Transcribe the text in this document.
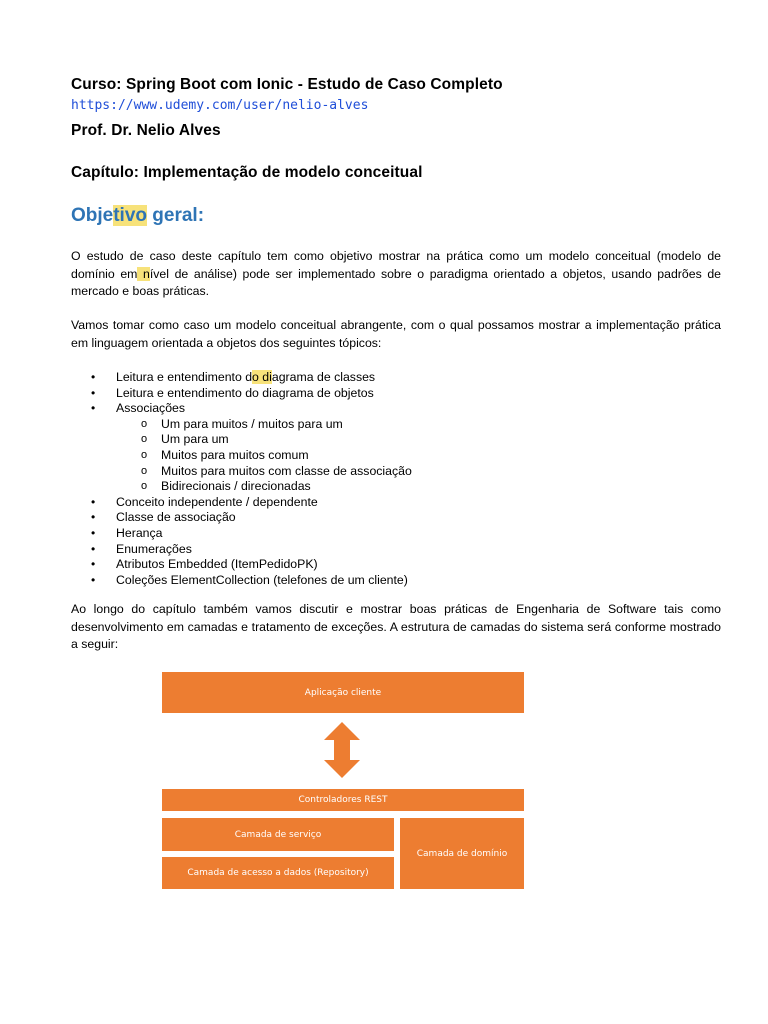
Curso: Spring Boot com Ionic - Estudo de Caso Completo
https://www.udemy.com/user/nelio-alves
Prof. Dr. Nelio Alves
Capítulo: Implementação de modelo conceitual
Objetivo geral:
O estudo de caso deste capítulo tem como objetivo mostrar na prática como um modelo conceitual (modelo de domínio em nível de análise) pode ser implementado sobre o paradigma orientado a objetos, usando padrões de mercado e boas práticas.
Vamos tomar como caso um modelo conceitual abrangente, com o qual possamos mostrar a implementação prática em linguagem orientada a objetos dos seguintes tópicos:
• Leitura e entendimento do diagrama de classes
• Leitura e entendimento do diagrama de objetos
• Associações
o Um para muitos / muitos para um
o Um para um
o Muitos para muitos comum
o Muitos para muitos com classe de associação
o Bidirecionais / direcionadas
• Conceito independente / dependente
• Classe de associação
• Herança
• Enumerações
• Atributos Embedded (ItemPedidoPK)
• Coleções ElementCollection (telefones de um cliente)
Ao longo do capítulo também vamos discutir e mostrar boas práticas de Engenharia de Software tais como desenvolvimento em camadas e tratamento de exceções. A estrutura de camadas do sistema será conforme mostrado a seguir:
Aplicação cliente
Controladores REST
Camada de serviço
Camada de acesso a dados (Repository)
Camada de domínio
